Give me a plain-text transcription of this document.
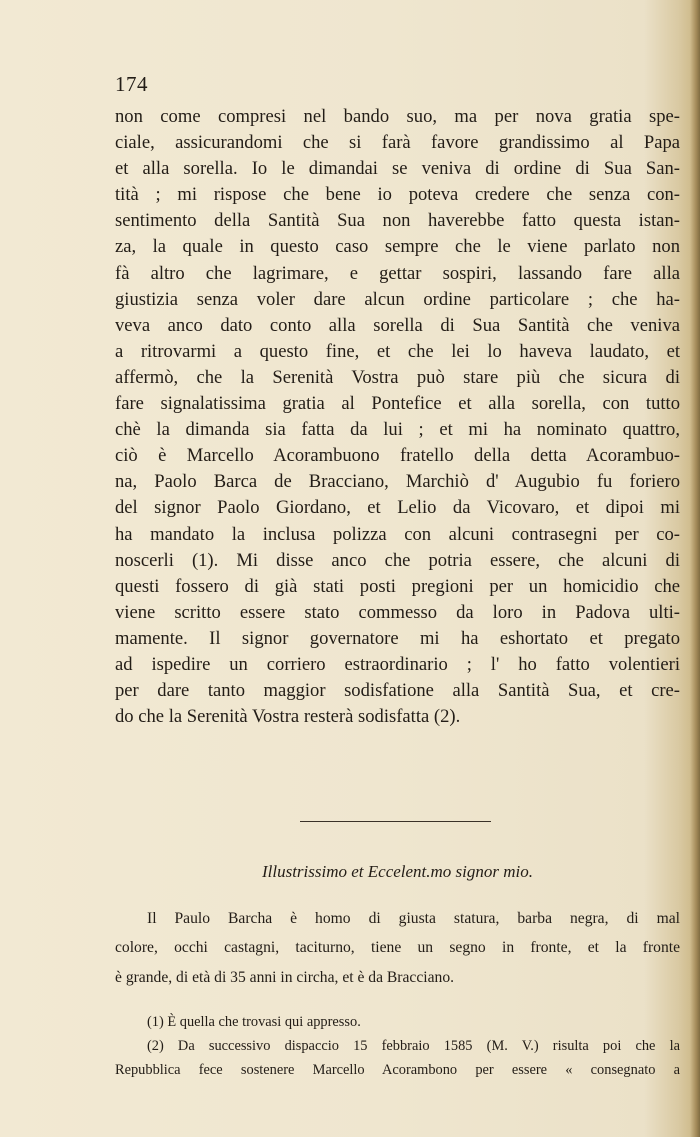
174
non come compresi nel bando suo, ma per nova gratia spe-
ciale, assicurandomi che si farà favore grandissimo al Papa
et alla sorella. Io le dimandai se veniva di ordine di Sua San-
tità ; mi rispose che bene io poteva credere che senza con-
sentimento della Santità Sua non haverebbe fatto questa istan-
za, la quale in questo caso sempre che le viene parlato non
fà altro che lagrimare, e gettar sospiri, lassando fare alla
giustizia senza voler dare alcun ordine particolare ; che ha-
veva anco dato conto alla sorella di Sua Santità che veniva
a ritrovarmi a questo fine, et che lei lo haveva laudato, et
affermò, che la Serenità Vostra può stare più che sicura di
fare signalatissima gratia al Pontefice et alla sorella, con tutto
chè la dimanda sia fatta da lui ; et mi ha nominato quattro,
ciò è Marcello Acorambuono fratello della detta Acorambuo-
na, Paolo Barca de Bracciano, Marchiò d' Augubio fu foriero
del signor Paolo Giordano, et Lelio da Vicovaro, et dipoi mi
ha mandato la inclusa polizza con alcuni contrasegni per co-
noscerli (1). Mi disse anco che potria essere, che alcuni di
questi fossero di già stati posti pregioni per un homicidio che
viene scritto essere stato commesso da loro in Padova ulti-
mamente. Il signor governatore mi ha eshortato et pregato
ad ispedire un corriero estraordinario ; l' ho fatto volentieri
per dare tanto maggior sodisfatione alla Santità Sua, et cre-
do che la Serenità Vostra resterà sodisfatta (2).
Illustrissimo et Eccelent.mo signor mio.
Il Paulo Barcha è homo di giusta statura, barba negra, di mal
colore, occhi castagni, taciturno, tiene un segno in fronte, et la fronte
è grande, di età di 35 anni in circha, et è da Bracciano.
(1) È quella che trovasi qui appresso.
(2) Da successivo dispaccio 15 febbraio 1585 (M. V.) risulta poi che la
Repubblica fece sostenere Marcello Acorambono per essere « consegnato a
